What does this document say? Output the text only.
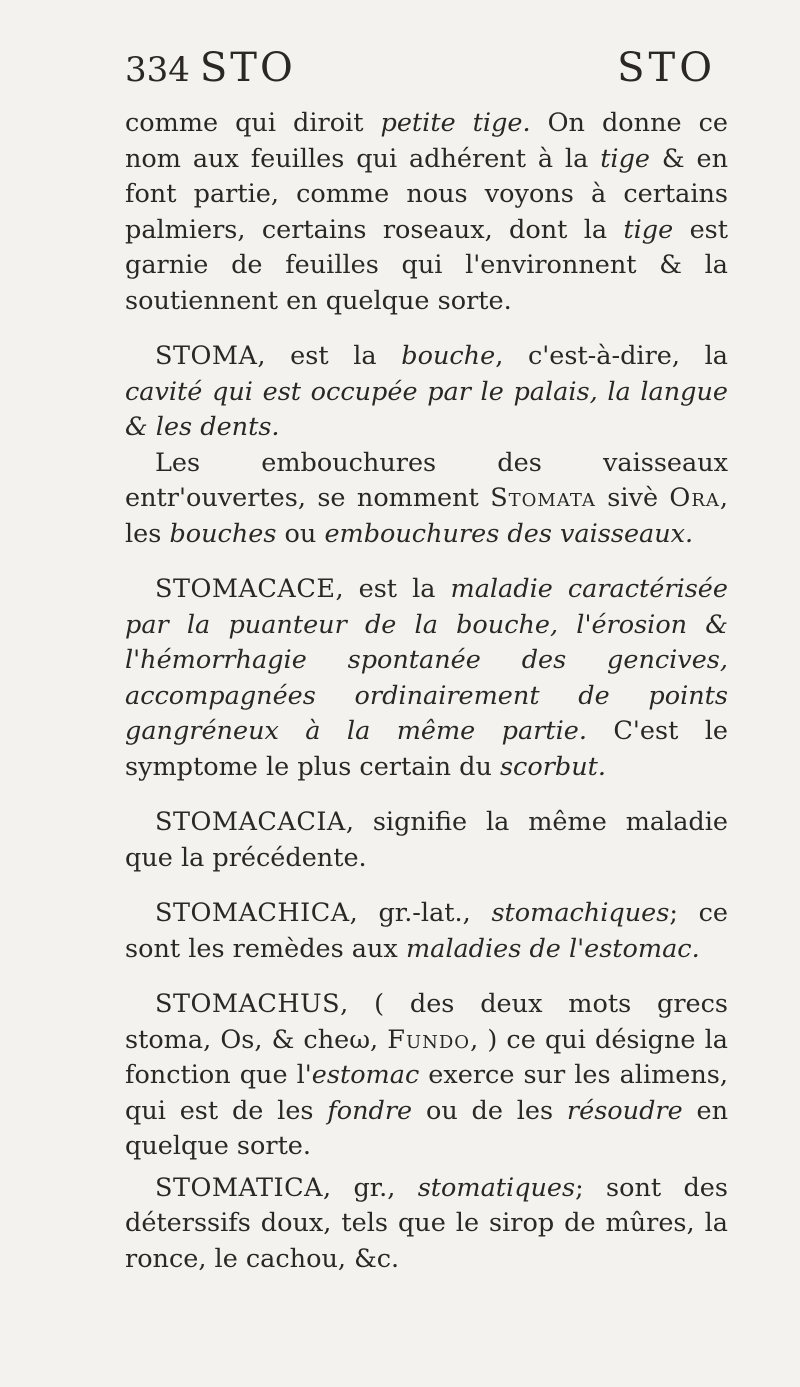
334 STO	STO

comme qui diroit petite tige. On donne ce nom aux feuilles qui adhérent à la tige & en font partie, comme nous voyons à certains palmiers, certains roseaux, dont la tige est garnie de feuilles qui l'environnent & la soutiennent en quelque sorte.

STOMA, est la bouche, c'est-à-dire, la cavité qui est occupée par le palais, la langue & les dents.

Les embouchures des vaisseaux entr'ouvertes, se nomment Stomata sivè Ora, les bouches ou embouchures des vaisseaux.

STOMACACE, est la maladie caractérisée par la puanteur de la bouche, l'érosion & l'hémorrhagie spontanée des gencives, accompagnées ordinairement de points gangréneux à la même partie. C'est le symptome le plus certain du scorbut.

STOMACACIA, signifie la même maladie que la précédente.

STOMACHICA, gr.-lat., stomachiques; ce sont les remèdes aux maladies de l'estomac.

STOMACHUS, ( des deux mots grecs stoma, Os, & cheω, Fundo, ) ce qui désigne la fonction que l'estomac exerce sur les alimens, qui est de les fondre ou de les résoudre en quelque sorte.

STOMATICA, gr., stomatiques; sont des déterssifs doux, tels que le sirop de mûres, la ronce, le cachou, &c.
